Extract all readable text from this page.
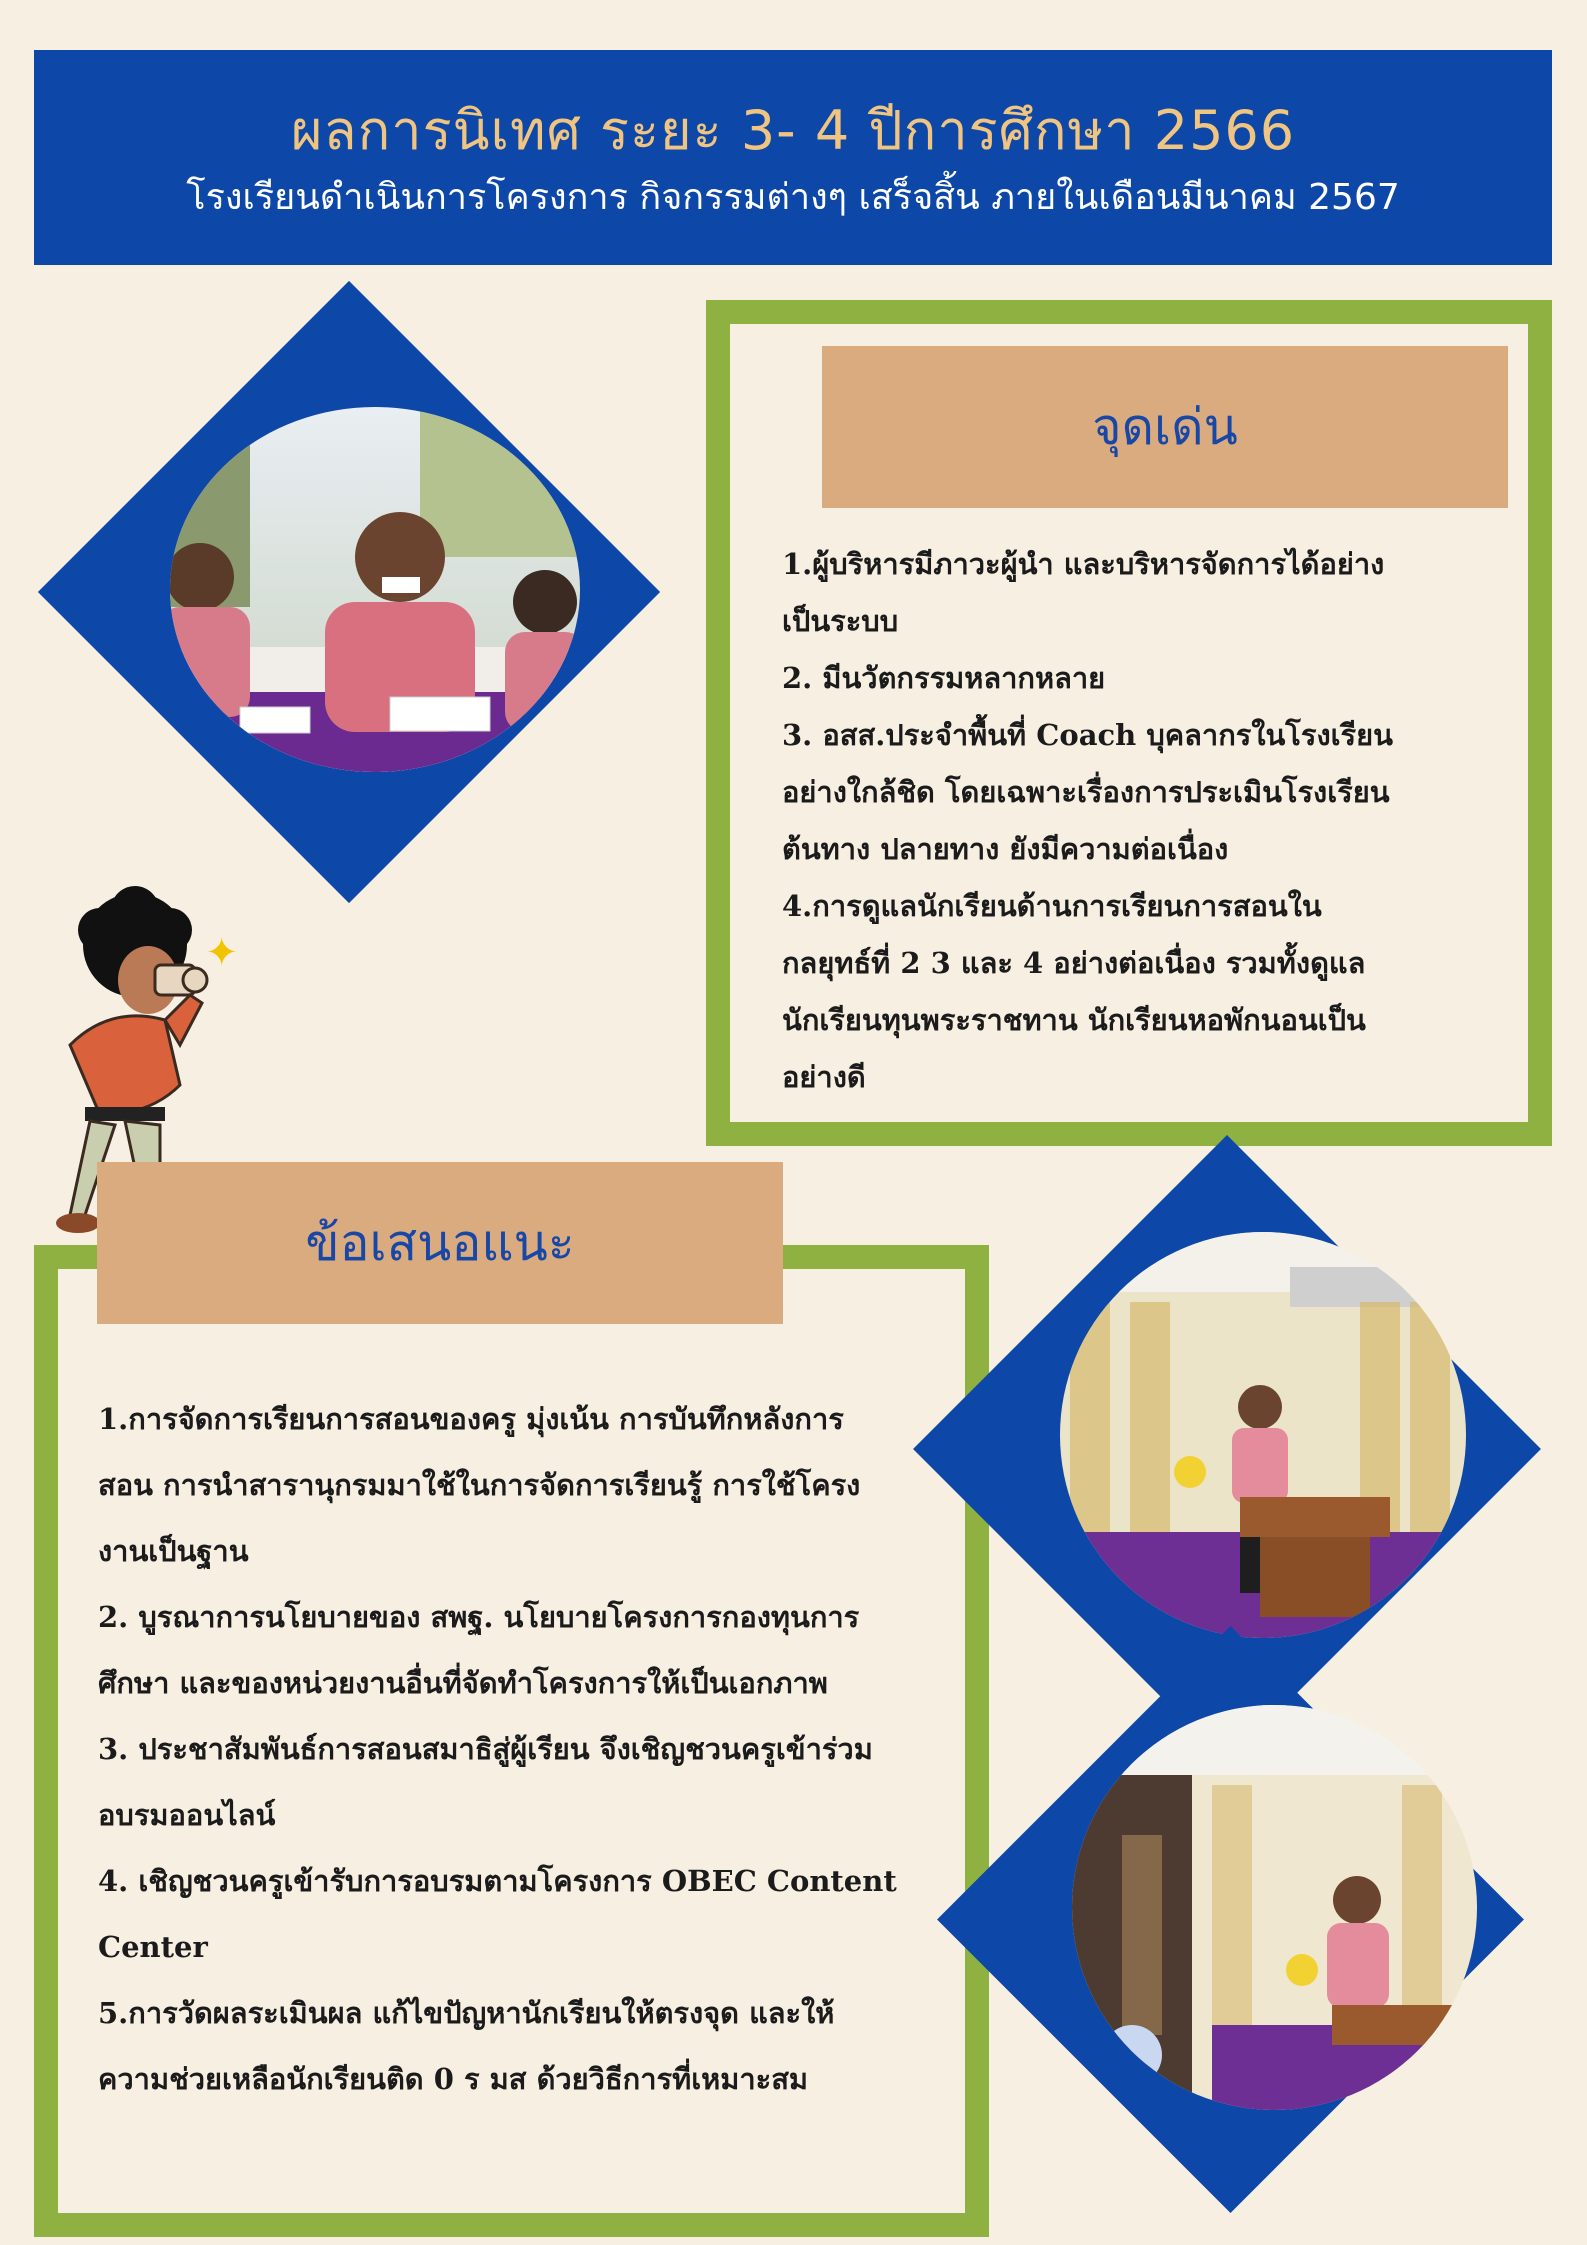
ผลการนิเทศ ระยะ 3- 4 ปีการศึกษา 2566
โรงเรียนดำเนินการโครงการ กิจกรรมต่างๆ เสร็จสิ้น ภายในเดือนมีนาคม 2567
จุดเด่น

1.ผู้บริหารมีภาวะผู้นำ และบริหารจัดการได้อย่าง

เป็นระบบ

2. มีนวัตกรรมหลากหลาย

3. อสส.ประจำพื้นที่ Coach บุคลากรในโรงเรียน

อย่างใกล้ชิด โดยเฉพาะเรื่องการประเมินโรงเรียน

ต้นทาง ปลายทาง ยังมีความต่อเนื่อง

4.การดูแลนักเรียนด้านการเรียนการสอนใน

กลยุทธ์ที่ 2 3 และ 4 อย่างต่อเนื่อง รวมทั้งดูแล

นักเรียนทุนพระราชทาน นักเรียนหอพักนอนเป็น

อย่างดี

✦

1.การจัดการเรียนการสอนของครู มุ่งเน้น การบันทึกหลังการ

สอน การนำสารานุกรมมาใช้ในการจัดการเรียนรู้ การใช้โครง

งานเป็นฐาน

2. บูรณาการนโยบายของ สพฐ. นโยบายโครงการกองทุนการ

ศึกษา และของหน่วยงานอื่นที่จัดทำโครงการให้เป็นเอกภาพ

3. ประชาสัมพันธ์การสอนสมาธิสู่ผู้เรียน จึงเชิญชวนครูเข้าร่วม

อบรมออนไลน์

4. เชิญชวนครูเข้ารับการอบรมตามโครงการ OBEC Content

Center

5.การวัดผลระเมินผล แก้ไขปัญหานักเรียนให้ตรงจุด และให้

ความช่วยเหลือนักเรียนติด 0 ร มส ด้วยวิธีการที่เหมาะสม

ข้อเสนอแนะ
